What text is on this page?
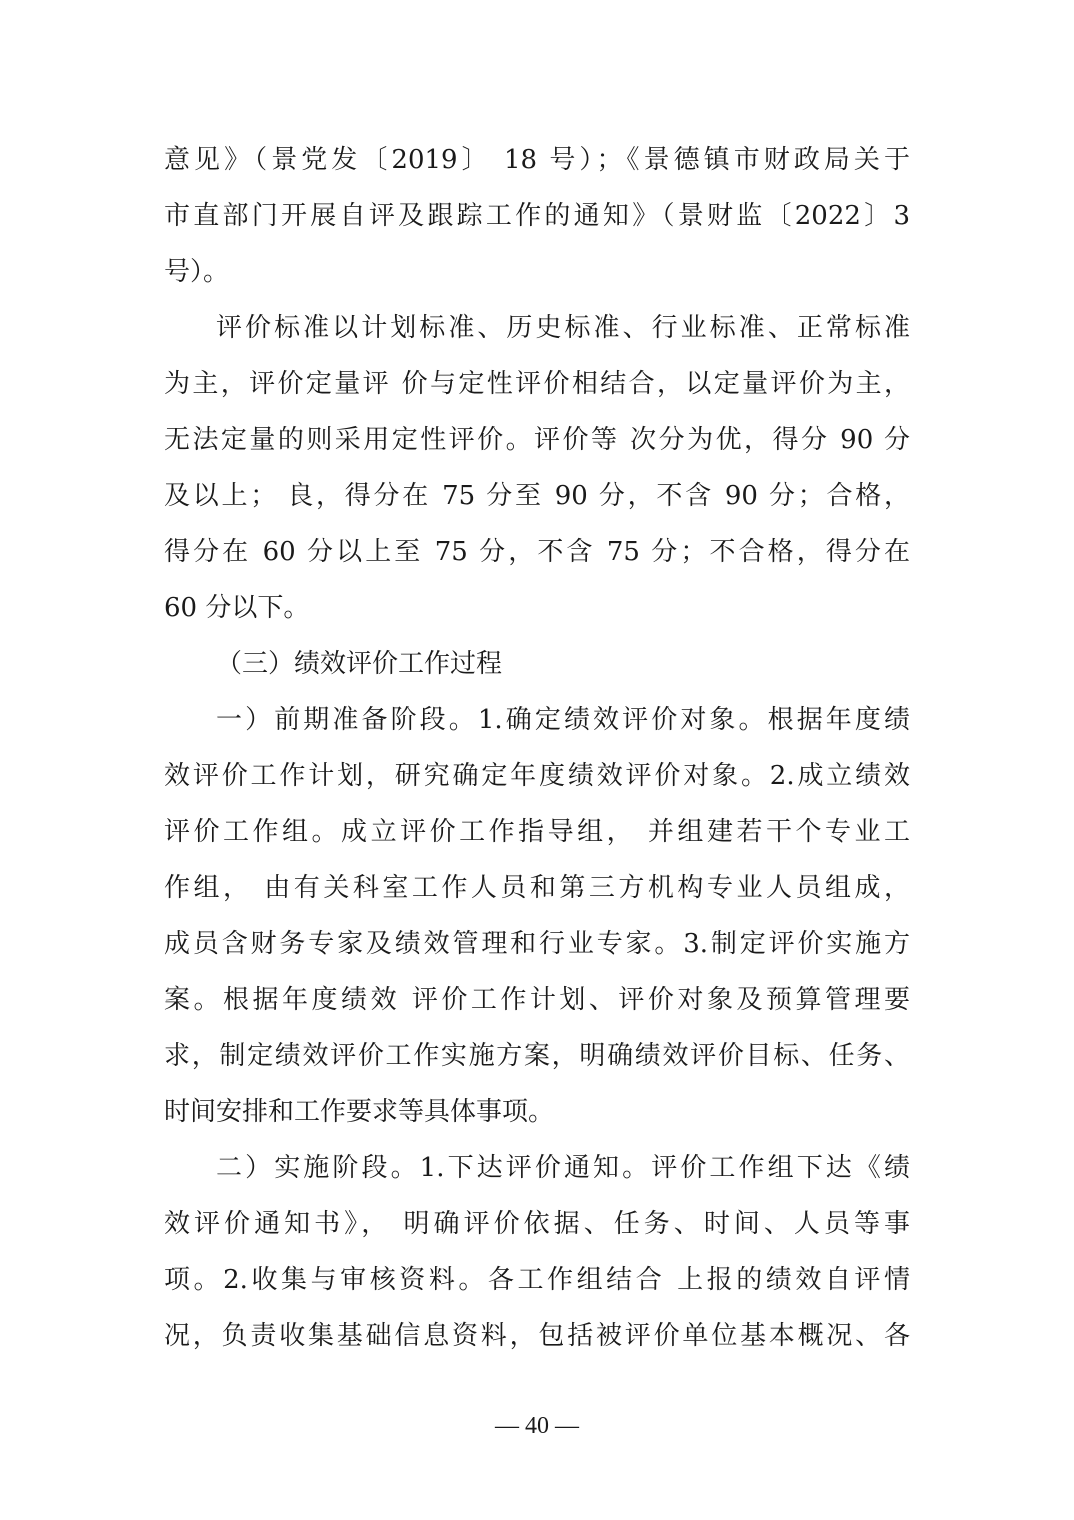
意见》（景党发〔2019〕 18 号）；《景德镇市财政局关于
市直部门开展自评及跟踪工作的通知》（景财监〔2022〕3
号）。
评价标准以计划标准、历史标准、行业标准、正常标准
为主，评价定量评 价与定性评价相结合，以定量评价为主，
无法定量的则采用定性评价。评价等 次分为优，得分 90 分
及以上； 良，得分在 75 分至 90 分，不含 90 分；合格，
得分在 60 分以上至 75 分，不含 75 分；不合格，得分在
60 分以下。
（三）绩效评价工作过程
一）前期准备阶段。1.确定绩效评价对象。根据年度绩
效评价工作计划，研究确定年度绩效评价对象。2.成立绩效
评价工作组。成立评价工作指导组， 并组建若干个专业工
作组， 由有关科室工作人员和第三方机构专业人员组成，
成员含财务专家及绩效管理和行业专家。3.制定评价实施方
案。根据年度绩效 评价工作计划、评价对象及预算管理要
求，制定绩效评价工作实施方案，明确绩效评价目标、任务、
时间安排和工作要求等具体事项。
二）实施阶段。1.下达评价通知。评价工作组下达《绩
效评价通知书》， 明确评价依据、任务、时间、人员等事
项。2.收集与审核资料。各工作组结合 上报的绩效自评情
况，负责收集基础信息资料，包括被评价单位基本概况、各
— 40 —
